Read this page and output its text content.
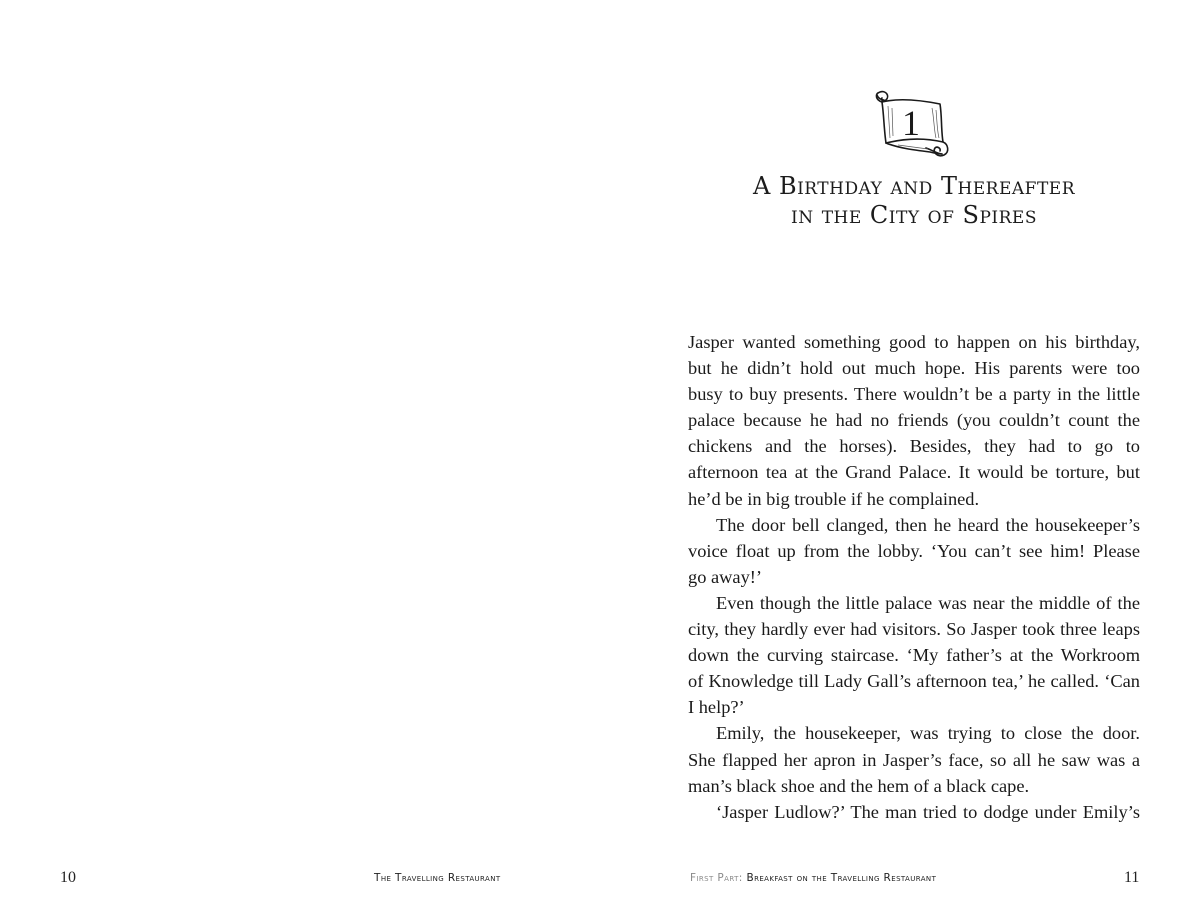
The Travelling Restaurant
10
1
A Birthday and Thereafter
in the City of Spires
Jasper wanted something good to happen on his birthday,
but he didn’t hold out much hope. His parents were too
busy to buy presents. There wouldn’t be a party in the little
palace because he had no friends (you couldn’t count the
chickens and the horses). Besides, they had to go to
afternoon tea at the Grand Palace. It would be torture, but
he’d be in big trouble if he complained.
The door bell clanged, then he heard the housekeeper’s
voice float up from the lobby. ‘You can’t see him! Please
go away!’
Even though the little palace was near the middle of the
city, they hardly ever had visitors. So Jasper took three leaps
down the curving staircase. ‘My father’s at the Workroom
of Knowledge till Lady Gall’s afternoon tea,’ he called. ‘Can
I help?’
Emily, the housekeeper, was trying to close the door.
She flapped her apron in Jasper’s face, so all he saw was a
man’s black shoe and the hem of a black cape.
‘Jasper Ludlow?’ The man tried to dodge under Emily’s
First Part: Breakfast on the Travelling Restaurant	11
